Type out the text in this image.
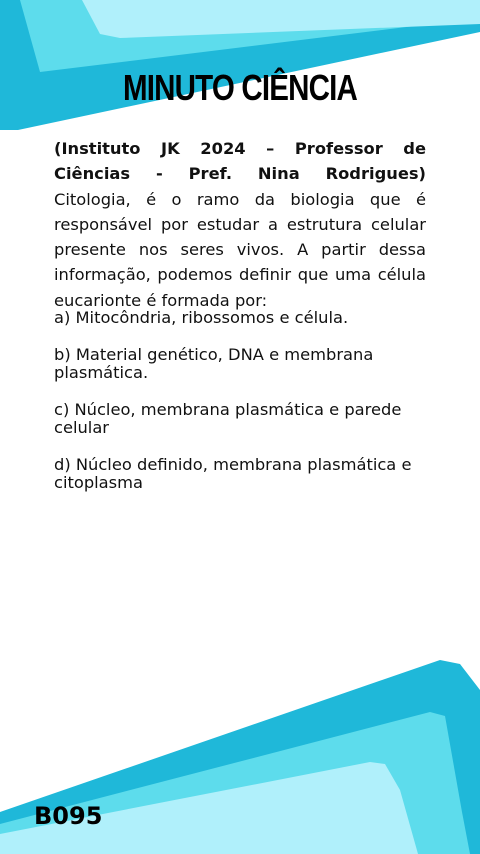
MINUTO CIÊNCIA
(Instituto JK 2024 – Professor de Ciências - Pref. Nina Rodrigues) Citologia, é o ramo da biologia que é responsável por estudar a estrutura celular presente nos seres vivos. A partir dessa informação, podemos definir que uma célula eucarionte é formada por:
a) Mitocôndria, ribossomos e célula.
b) Material genético, DNA e membrana plasmática.
c) Núcleo, membrana plasmática e parede celular
d) Núcleo definido, membrana plasmática e citoplasma
B095
